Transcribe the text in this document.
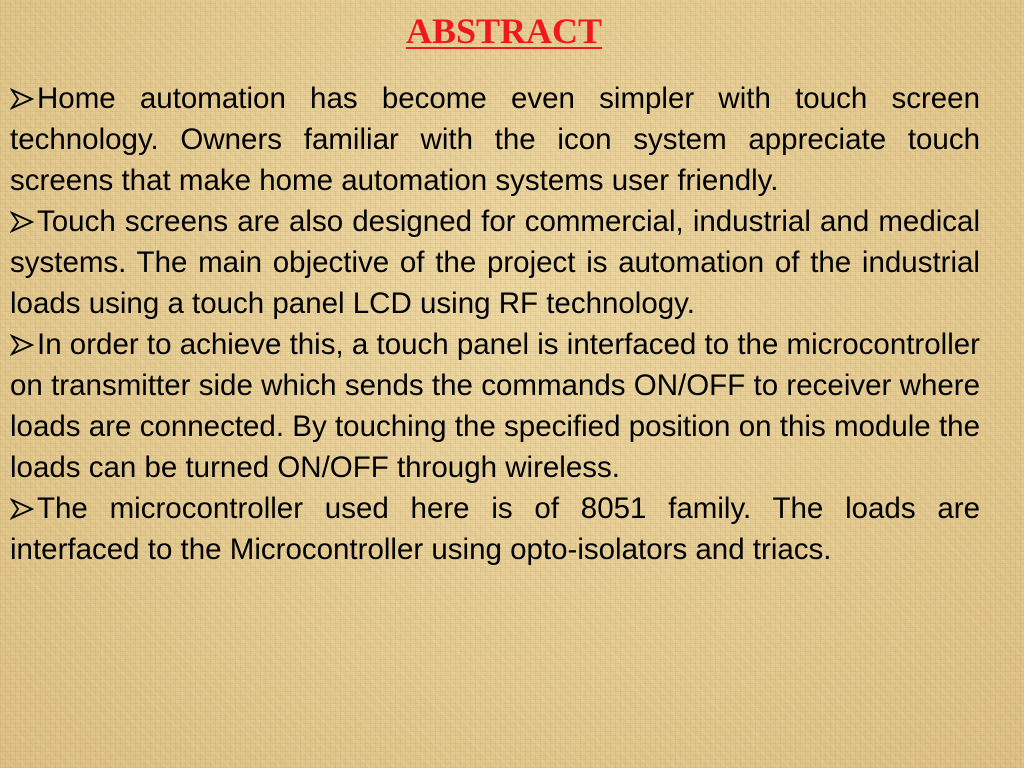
ABSTRACT
Home automation has become even simpler with touch screen technology. Owners familiar with the icon system appreciate touch screens that make home automation systems user friendly.
Touch screens are also designed for commercial, industrial and medical systems. The main objective of the project is automation of the industrial loads using a touch panel LCD using RF technology.
In order to achieve this, a touch panel is interfaced to the microcontroller on transmitter side which sends the commands ON/OFF to receiver where loads are connected. By touching the specified position on this module the loads can be turned ON/OFF through wireless.
The microcontroller used here is of 8051 family. The loads are interfaced to the Microcontroller using opto-isolators and triacs.
